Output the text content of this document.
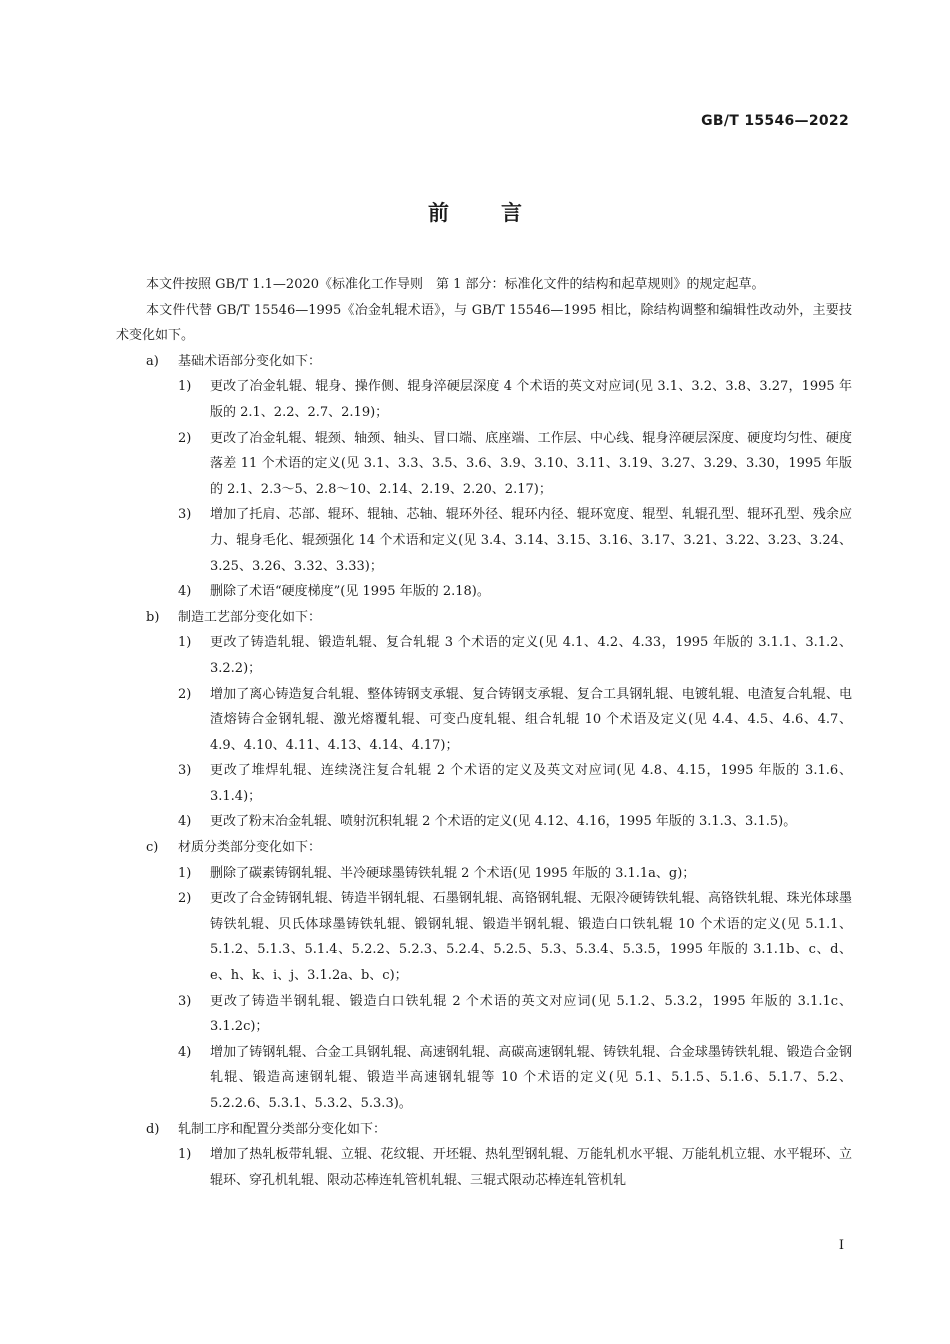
GB/T 15546—2022
前言
本文件按照 GB/T 1.1—2020《标准化工作导则　第 1 部分：标准化文件的结构和起草规则》的规定起草。
本文件代替 GB/T 15546—1995《冶金轧辊术语》，与 GB/T 15546—1995 相比，除结构调整和编辑性改动外，主要技术变化如下。
a)	基础术语部分变化如下：
1)	更改了冶金轧辊、辊身、操作侧、辊身淬硬层深度 4 个术语的英文对应词(见 3.1、3.2、3.8、3.27，1995 年版的 2.1、2.2、2.7、2.19)；
2)	更改了冶金轧辊、辊颈、轴颈、轴头、冒口端、底座端、工作层、中心线、辊身淬硬层深度、硬度均匀性、硬度落差 11 个术语的定义(见 3.1、3.3、3.5、3.6、3.9、3.10、3.11、3.19、3.27、3.29、3.30，1995 年版的 2.1、2.3～5、2.8～10、2.14、2.19、2.20、2.17)；
3)	增加了托肩、芯部、辊环、辊轴、芯轴、辊环外径、辊环内径、辊环宽度、辊型、轧辊孔型、辊环孔型、残余应力、辊身毛化、辊颈强化 14 个术语和定义(见 3.4、3.14、3.15、3.16、3.17、3.21、3.22、3.23、3.24、3.25、3.26、3.32、3.33)；
4)	删除了术语“硬度梯度”(见 1995 年版的 2.18)。
b)	制造工艺部分变化如下：
1)	更改了铸造轧辊、锻造轧辊、复合轧辊 3 个术语的定义(见 4.1、4.2、4.33，1995 年版的 3.1.1、3.1.2、3.2.2)；
2)	增加了离心铸造复合轧辊、整体铸钢支承辊、复合铸钢支承辊、复合工具钢轧辊、电镀轧辊、电渣复合轧辊、电渣熔铸合金钢轧辊、激光熔覆轧辊、可变凸度轧辊、组合轧辊 10 个术语及定义(见 4.4、4.5、4.6、4.7、4.9、4.10、4.11、4.13、4.14、4.17)；
3)	更改了堆焊轧辊、连续浇注复合轧辊 2 个术语的定义及英文对应词(见 4.8、4.15，1995 年版的 3.1.6、3.1.4)；
4)	更改了粉末冶金轧辊、喷射沉积轧辊 2 个术语的定义(见 4.12、4.16，1995 年版的 3.1.3、3.1.5)。
c)	材质分类部分变化如下：
1)	删除了碳素铸钢轧辊、半冷硬球墨铸铁轧辊 2 个术语(见 1995 年版的 3.1.1a、g)；
2)	更改了合金铸钢轧辊、铸造半钢轧辊、石墨钢轧辊、高铬钢轧辊、无限冷硬铸铁轧辊、高铬铁轧辊、珠光体球墨铸铁轧辊、贝氏体球墨铸铁轧辊、锻钢轧辊、锻造半钢轧辊、锻造白口铁轧辊 10 个术语的定义(见 5.1.1、5.1.2、5.1.3、5.1.4、5.2.2、5.2.3、5.2.4、5.2.5、5.3、5.3.4、5.3.5，1995 年版的 3.1.1b、c、d、e、h、k、i、j、3.1.2a、b、c)；
3)	更改了铸造半钢轧辊、锻造白口铁轧辊 2 个术语的英文对应词(见 5.1.2、5.3.2，1995 年版的 3.1.1c、3.1.2c)；
4)	增加了铸钢轧辊、合金工具钢轧辊、高速钢轧辊、高碳高速钢轧辊、铸铁轧辊、合金球墨铸铁轧辊、锻造合金钢轧辊、锻造高速钢轧辊、锻造半高速钢轧辊等 10 个术语的定义(见 5.1、5.1.5、5.1.6、5.1.7、5.2、5.2.2.6、5.3.1、5.3.2、5.3.3)。
d)	轧制工序和配置分类部分变化如下：
1)	增加了热轧板带轧辊、立辊、花纹辊、开坯辊、热轧型钢轧辊、万能轧机水平辊、万能轧机立辊、水平辊环、立辊环、穿孔机轧辊、限动芯棒连轧管机轧辊、三辊式限动芯棒连轧管机轧
I
